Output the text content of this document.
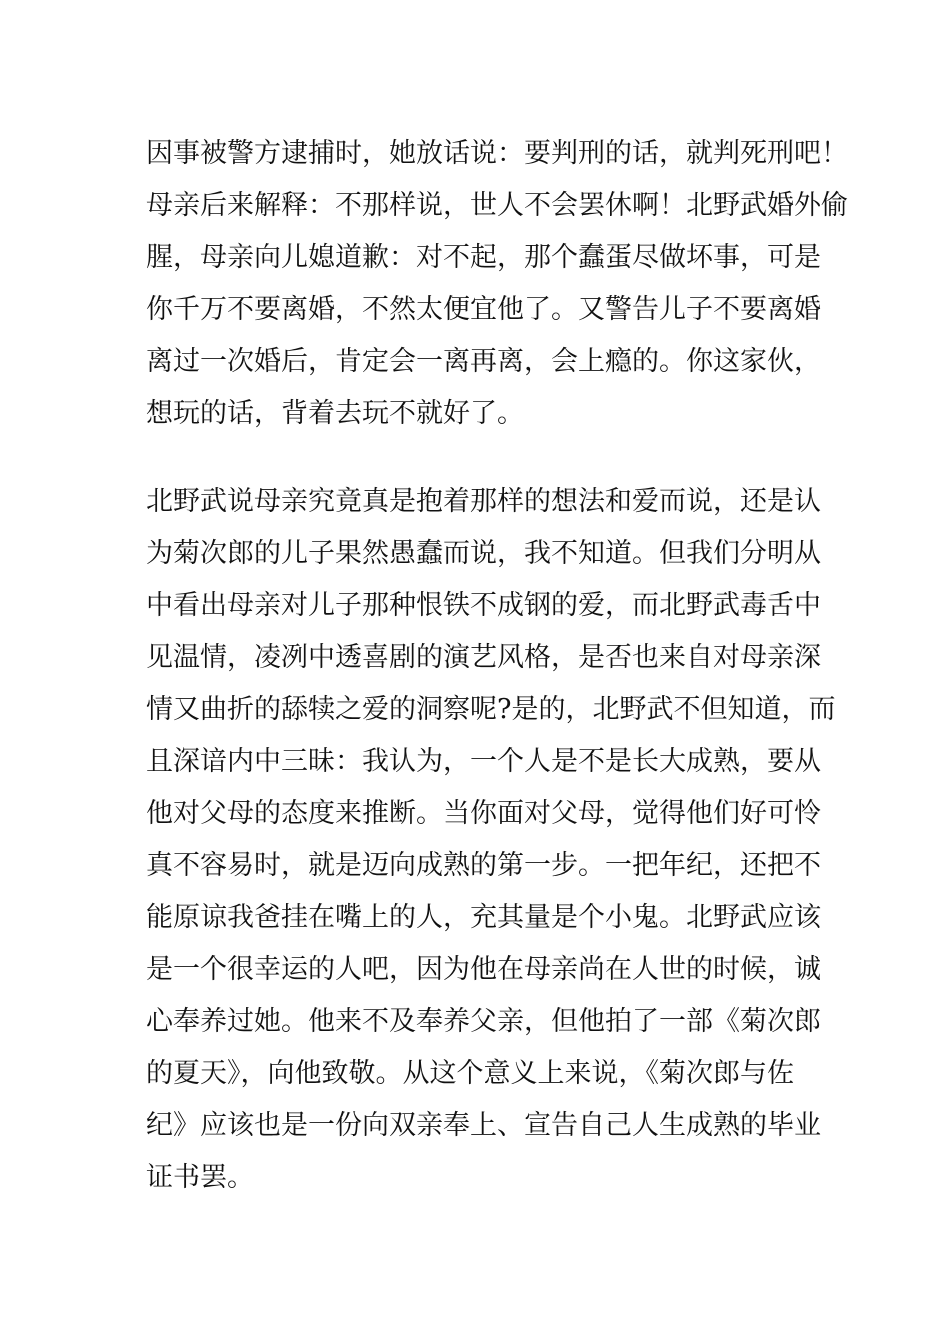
因事被警方逮捕时，她放话说：要判刑的话，就判死刑吧！
母亲后来解释：不那样说，世人不会罢休啊！北野武婚外偷
腥，母亲向儿媳道歉：对不起，那个蠢蛋尽做坏事，可是
你千万不要离婚，不然太便宜他了。又警告儿子不要离婚
离过一次婚后，肯定会一离再离，会上瘾的。你这家伙，
想玩的话，背着去玩不就好了。
北野武说母亲究竟真是抱着那样的想法和爱而说，还是认
为菊次郎的儿子果然愚蠢而说，我不知道。但我们分明从
中看出母亲对儿子那种恨铁不成钢的爱，而北野武毒舌中
见温情，凌冽中透喜剧的演艺风格，是否也来自对母亲深
情又曲折的舔犊之爱的洞察呢?是的，北野武不但知道，而
且深谙内中三昧：我认为，一个人是不是长大成熟，要从
他对父母的态度来推断。当你面对父母，觉得他们好可怜
真不容易时，就是迈向成熟的第一步。一把年纪，还把不
能原谅我爸挂在嘴上的人，充其量是个小鬼。北野武应该
是一个很幸运的人吧，因为他在母亲尚在人世的时候，诚
心奉养过她。他来不及奉养父亲，但他拍了一部《菊次郎
的夏天》，向他致敬。从这个意义上来说，《菊次郎与佐
纪》应该也是一份向双亲奉上、宣告自己人生成熟的毕业
证书罢。
